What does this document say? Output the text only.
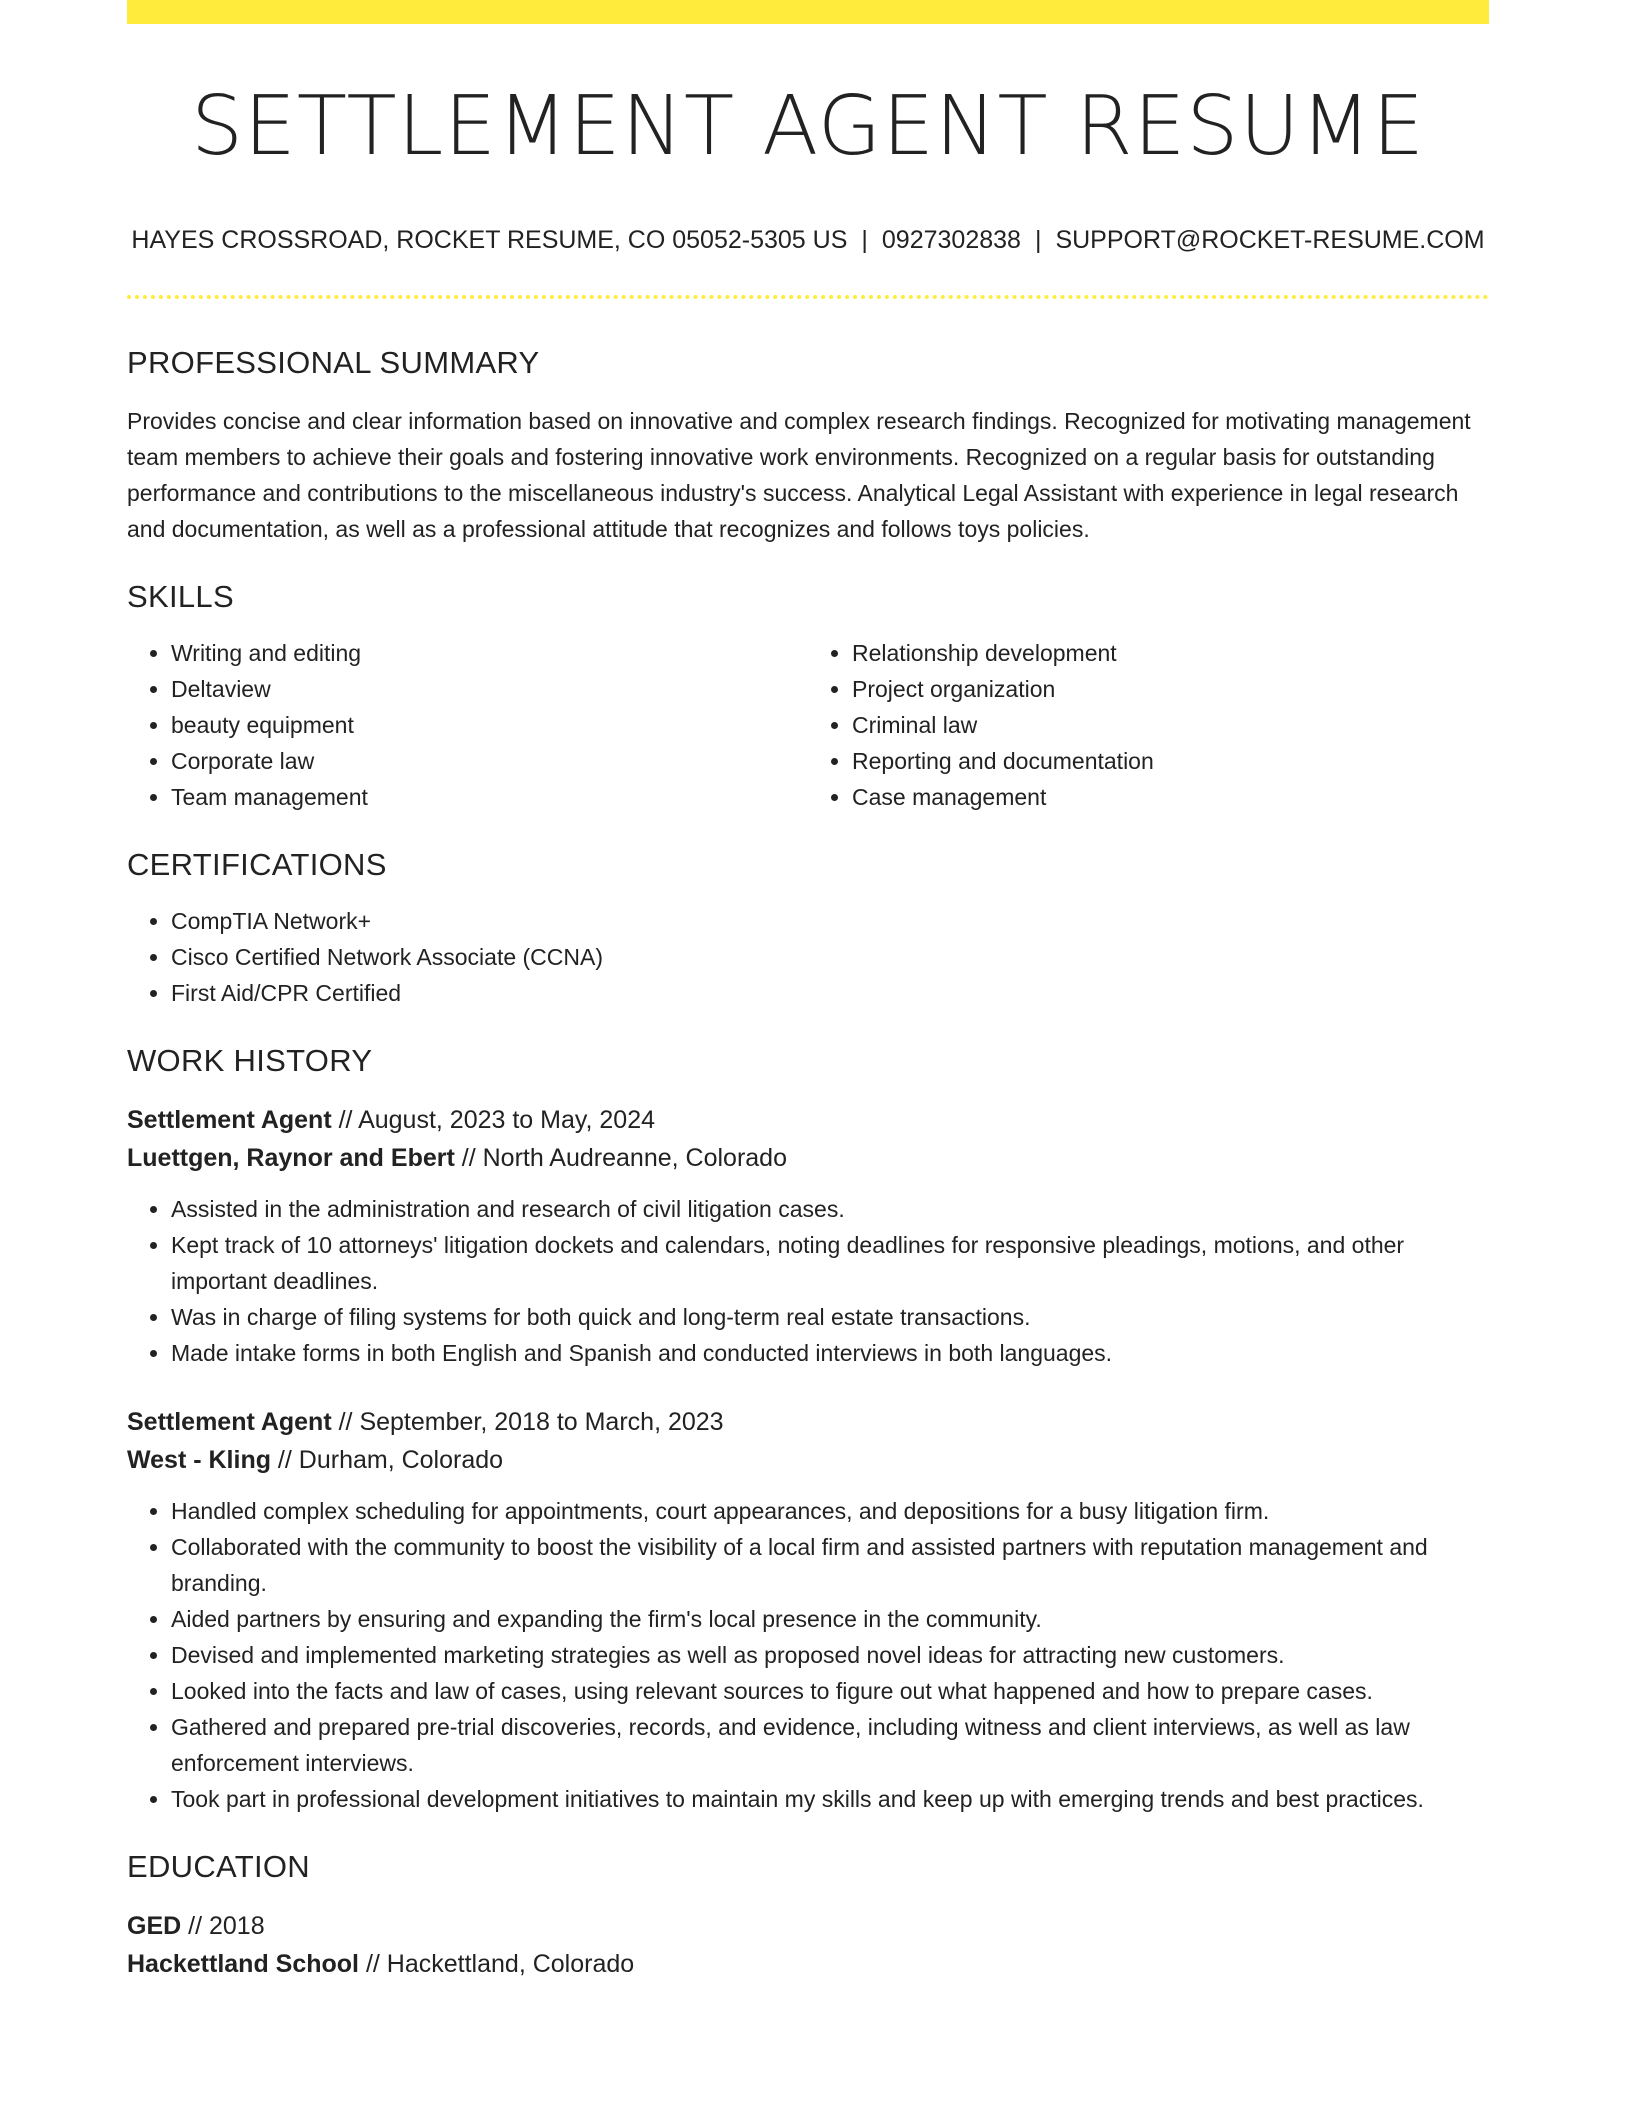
SETTLEMENT AGENT RESUME
HAYES CROSSROAD, ROCKET RESUME, CO 05052-5305 US | 0927302838 | SUPPORT@ROCKET-RESUME.COM
PROFESSIONAL SUMMARY
Provides concise and clear information based on innovative and complex research findings. Recognized for motivating management team members to achieve their goals and fostering innovative work environments. Recognized on a regular basis for outstanding performance and contributions to the miscellaneous industry's success. Analytical Legal Assistant with experience in legal research and documentation, as well as a professional attitude that recognizes and follows toys policies.
SKILLS
• Writing and editing
• Deltaview
• beauty equipment
• Corporate law
• Team management
• Relationship development
• Project organization
• Criminal law
• Reporting and documentation
• Case management
CERTIFICATIONS
• CompTIA Network+
• Cisco Certified Network Associate (CCNA)
• First Aid/CPR Certified
WORK HISTORY
Settlement Agent // August, 2023 to May, 2024
Luettgen, Raynor and Ebert // North Audreanne, Colorado
• Assisted in the administration and research of civil litigation cases.
• Kept track of 10 attorneys' litigation dockets and calendars, noting deadlines for responsive pleadings, motions, and other important deadlines.
• Was in charge of filing systems for both quick and long-term real estate transactions.
• Made intake forms in both English and Spanish and conducted interviews in both languages.
Settlement Agent // September, 2018 to March, 2023
West - Kling // Durham, Colorado
• Handled complex scheduling for appointments, court appearances, and depositions for a busy litigation firm.
• Collaborated with the community to boost the visibility of a local firm and assisted partners with reputation management and branding.
• Aided partners by ensuring and expanding the firm's local presence in the community.
• Devised and implemented marketing strategies as well as proposed novel ideas for attracting new customers.
• Looked into the facts and law of cases, using relevant sources to figure out what happened and how to prepare cases.
• Gathered and prepared pre-trial discoveries, records, and evidence, including witness and client interviews, as well as law enforcement interviews.
• Took part in professional development initiatives to maintain my skills and keep up with emerging trends and best practices.
EDUCATION
GED // 2018
Hackettland School // Hackettland, Colorado
